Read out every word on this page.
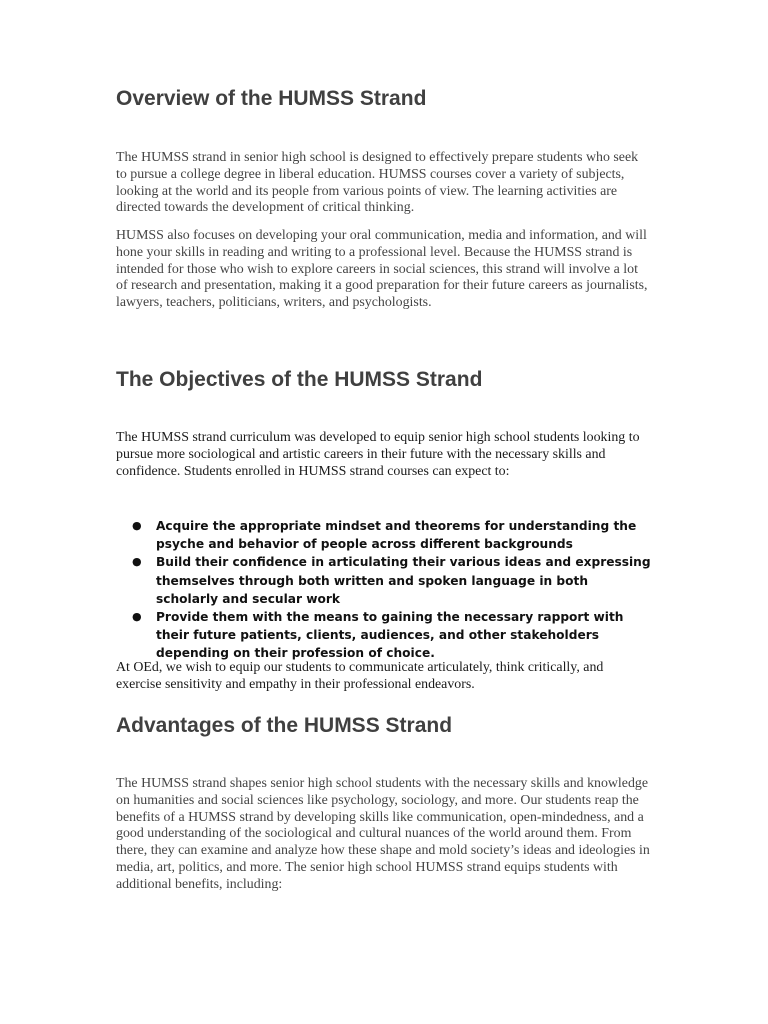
Overview of the HUMSS Strand

The HUMSS strand in senior high school is designed to effectively prepare students who seek to pursue a college degree in liberal education. HUMSS courses cover a variety of subjects, looking at the world and its people from various points of view. The learning activities are directed towards the development of critical thinking.

HUMSS also focuses on developing your oral communication, media and information, and will hone your skills in reading and writing to a professional level. Because the HUMSS strand is intended for those who wish to explore careers in social sciences, this strand will involve a lot of research and presentation, making it a good preparation for their future careers as journalists, lawyers, teachers, politicians, writers, and psychologists.

The Objectives of the HUMSS Strand

The HUMSS strand curriculum was developed to equip senior high school students looking to pursue more sociological and artistic careers in their future with the necessary skills and confidence. Students enrolled in HUMSS strand courses can expect to:

● Acquire the appropriate mindset and theorems for understanding the psyche and behavior of people across different backgrounds
● Build their confidence in articulating their various ideas and expressing themselves through both written and spoken language in both scholarly and secular work
● Provide them with the means to gaining the necessary rapport with their future patients, clients, audiences, and other stakeholders depending on their profession of choice.

At OEd, we wish to equip our students to communicate articulately, think critically, and exercise sensitivity and empathy in their professional endeavors.

Advantages of the HUMSS Strand

The HUMSS strand shapes senior high school students with the necessary skills and knowledge on humanities and social sciences like psychology, sociology, and more. Our students reap the benefits of a HUMSS strand by developing skills like communication, open-mindedness, and a good understanding of the sociological and cultural nuances of the world around them. From there, they can examine and analyze how these shape and mold society’s ideas and ideologies in media, art, politics, and more. The senior high school HUMSS strand equips students with additional benefits, including:
